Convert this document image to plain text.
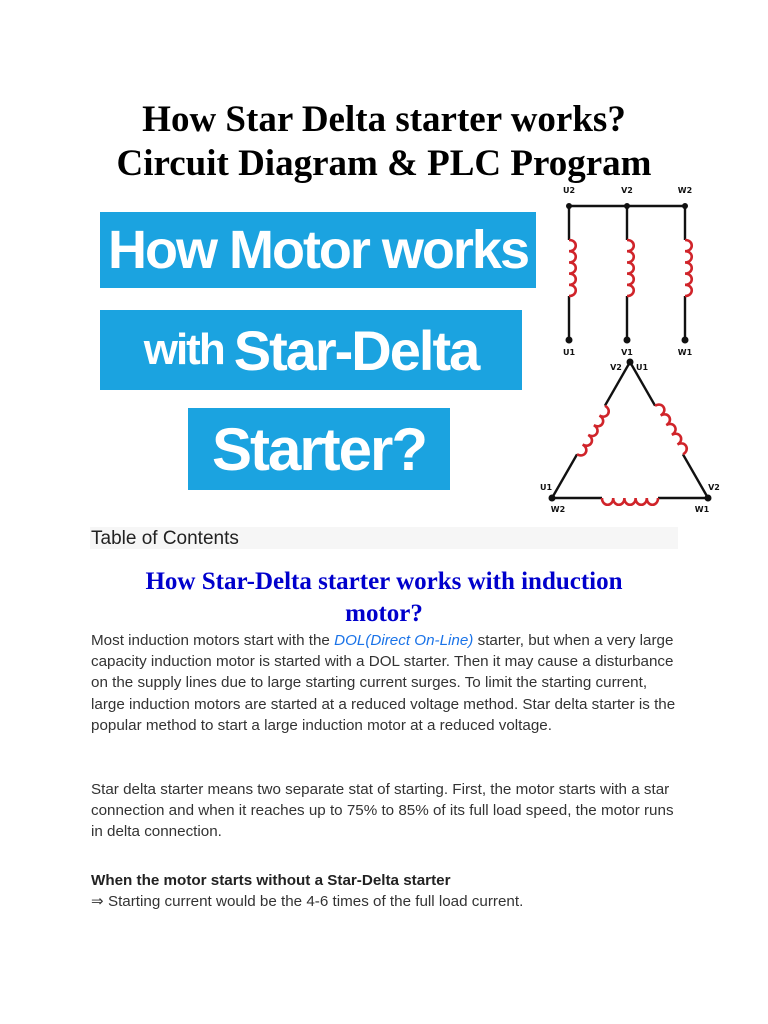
How Star Delta starter works?
Circuit Diagram & PLC Program
How Motor works
with Star-Delta
Starter?
U2	V2	W2
U1	V1	W1
V2 U1
U1
W2
V2
W1
Table of Contents
How Star-Delta starter works with induction
motor?

Most induction motors start with the DOL(Direct On-Line) starter, but when a very large capacity induction motor is started with a DOL starter. Then it may cause a disturbance on the supply lines due to large starting current surges. To limit the starting current, large induction motors are started at a reduced voltage method. Star delta starter is the popular method to start a large induction motor at a reduced voltage.

Star delta starter means two separate stat of starting. First, the motor starts with a star connection and when it reaches up to 75% to 85% of its full load speed, the motor runs in delta connection.

When the motor starts without a Star-Delta starter

⇒ Starting current would be the 4-6 times of the full load current.
